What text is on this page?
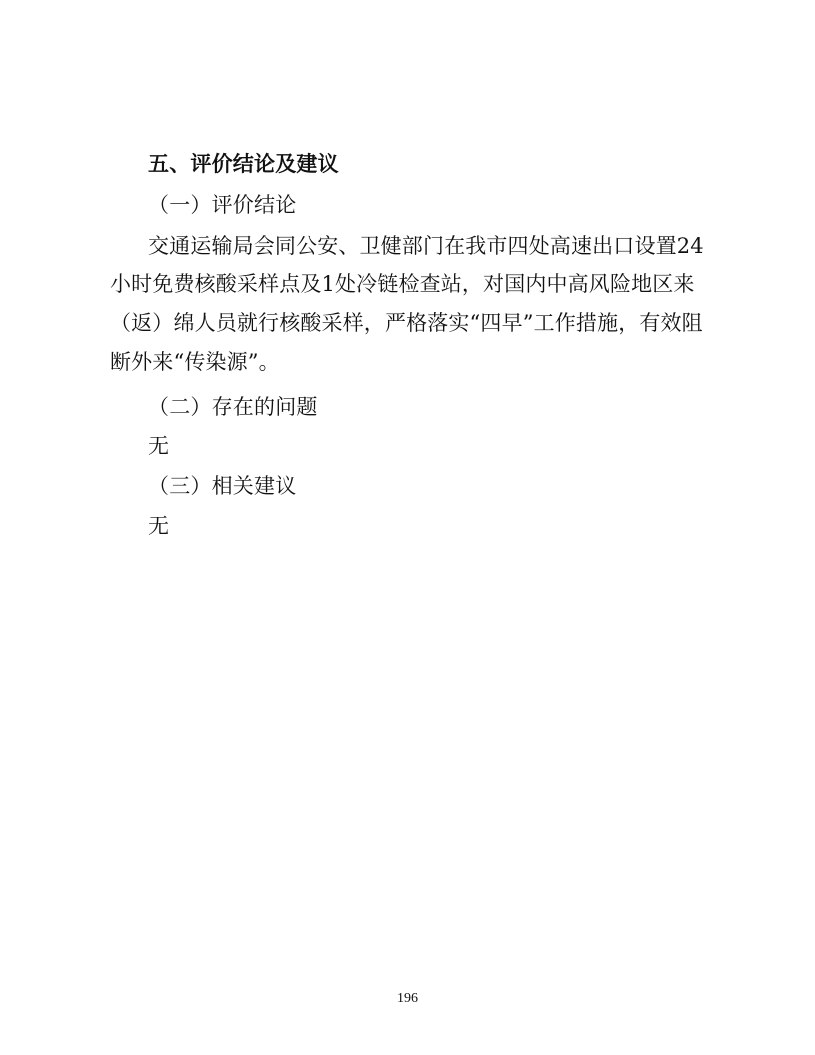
五、评价结论及建议
（一）评价结论
交通运输局会同公安、卫健部门在我市四处高速出口设置24
小时免费核酸采样点及1处冷链检查站，对国内中高风险地区来
（返）绵人员就行核酸采样，严格落实“四早”工作措施，有效阻
断外来“传染源”。
（二）存在的问题
无
（三）相关建议
无
196
